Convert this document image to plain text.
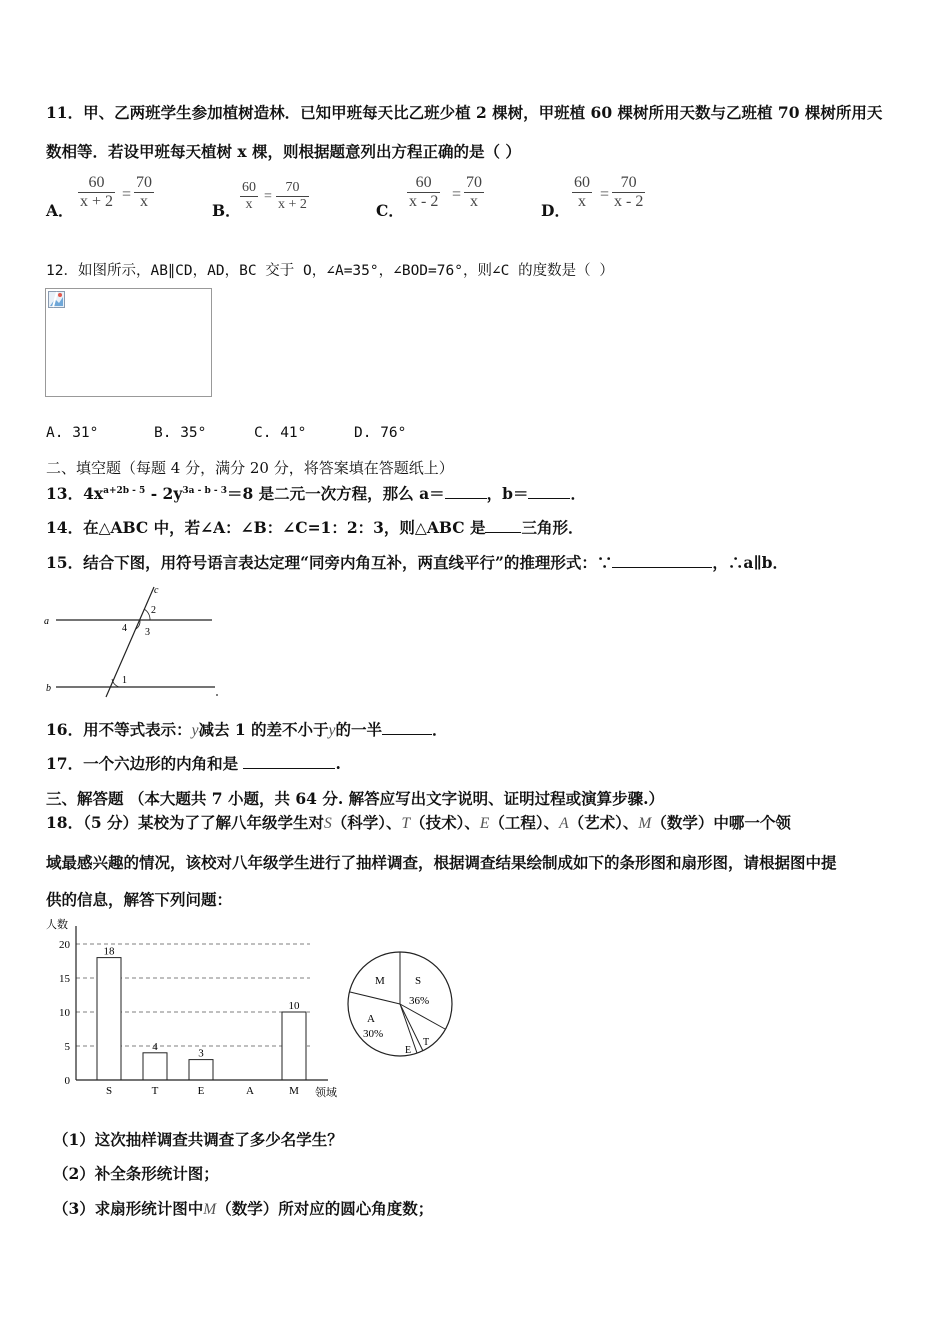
11．甲、乙两班学生参加植树造林．已知甲班每天比乙班少植 2 棵树，甲班植 60 棵树所用天数与乙班植 70 棵树所用天
数相等．若设甲班每天植树 x 棵，则根据题意列出方程正确的是（ ）
A． $\frac{60}{x + 2} = \frac{70}{x}$	B． $\frac{60}{x} = \frac{70}{x + 2}$	C． $\frac{60}{x - 2} = \frac{70}{x}$	D． $\frac{60}{x} = \frac{70}{x - 2}$
12．如图所示，AB∥CD，AD，BC 交于 O，∠A=35°，∠BOD=76°，则∠C 的度数是（ ）
A. 31°	B. 35°	C. 41°	D. 76°
二、填空题（每题 4 分，满分 20 分，将答案填在答题纸上）
13．$4x^{a+2b - 5} - 2y^{3a - b - 3}=8$ 是二元一次方程，那么 a＝	，b＝	．
14．在△ABC 中，若∠A：∠B：∠C=1：2：3，则△ABC 是 三角形．
15．结合下图，用符号语言表达定理“同旁内角互补，两直线平行”的推理形式：∵	，∴a∥b．
a
b
c
2
3
4
1
16．用不等式表示：y减去 1 的差不小于y的一半	．
17．一个六边形的内角和是	.
三、解答题 （本大题共 7 小题，共 64 分. 解答应写出文字说明、证明过程或演算步骤.）
18．（5 分）某校为了了解八年级学生对S（科学）、T（技术）、E（工程）、A（艺术）、M（数学）中哪一个领
域最感兴趣的情况，该校对八年级学生进行了抽样调查，根据调查结果绘制成如下的条形图和扇形图，请根据图中提
供的信息，解答下列问题：
人数
领域
0
5
10
15
20
18
S
4
T
3
E	A
10
M
S
36%
T
E
A
30%
M
（1）这次抽样调查共调查了多少名学生？
（2）补全条形统计图；
（3）求扇形统计图中M（数学）所对应的圆心角度数；
